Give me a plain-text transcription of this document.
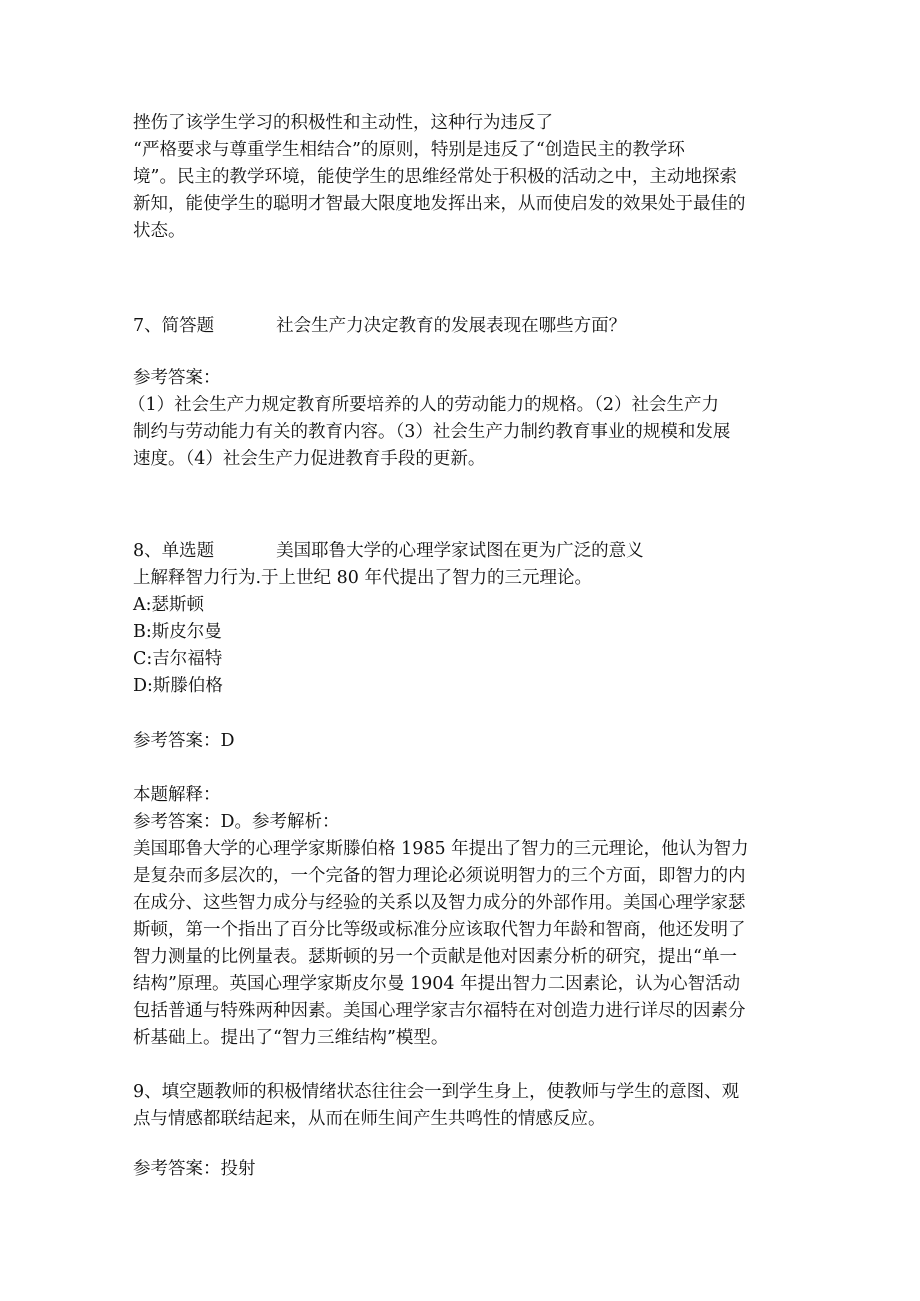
挫伤了该学生学习的积极性和主动性，这种行为违反了
“严格要求与尊重学生相结合”的原则，特别是违反了“创造民主的教学环
境”。民主的教学环境，能使学生的思维经常处于积极的活动之中，主动地探索
新知，能使学生的聪明才智最大限度地发挥出来，从而使启发的效果处于最佳的
状态。
7、简答题	社会生产力决定教育的发展表现在哪些方面？
参考答案：
（1）社会生产力规定教育所要培养的人的劳动能力的规格。（2）社会生产力
制约与劳动能力有关的教育内容。（3）社会生产力制约教育事业的规模和发展
速度。（4）社会生产力促进教育手段的更新。
8、单选题	美国耶鲁大学的心理学家试图在更为广泛的意义
上解释智力行为.于上世纪 80 年代提出了智力的三元理论。
A:瑟斯顿
B:斯皮尔曼
C:吉尔福特
D:斯滕伯格
参考答案：D
本题解释：
参考答案：D。参考解析：
美国耶鲁大学的心理学家斯滕伯格 1985 年提出了智力的三元理论，他认为智力
是复杂而多层次的，一个完备的智力理论必须说明智力的三个方面，即智力的内
在成分、这些智力成分与经验的关系以及智力成分的外部作用。美国心理学家瑟
斯顿，第一个指出了百分比等级或标准分应该取代智力年龄和智商，他还发明了
智力测量的比例量表。瑟斯顿的另一个贡献是他对因素分析的研究，提出“单一
结构”原理。英国心理学家斯皮尔曼 1904 年提出智力二因素论，认为心智活动
包括普通与特殊两种因素。美国心理学家吉尔福特在对创造力进行详尽的因素分
析基础上。提出了“智力三维结构”模型。
9、填空题教师的积极情绪状态往往会一到学生身上，使教师与学生的意图、观
点与情感都联结起来，从而在师生间产生共鸣性的情感反应。
参考答案：投射
